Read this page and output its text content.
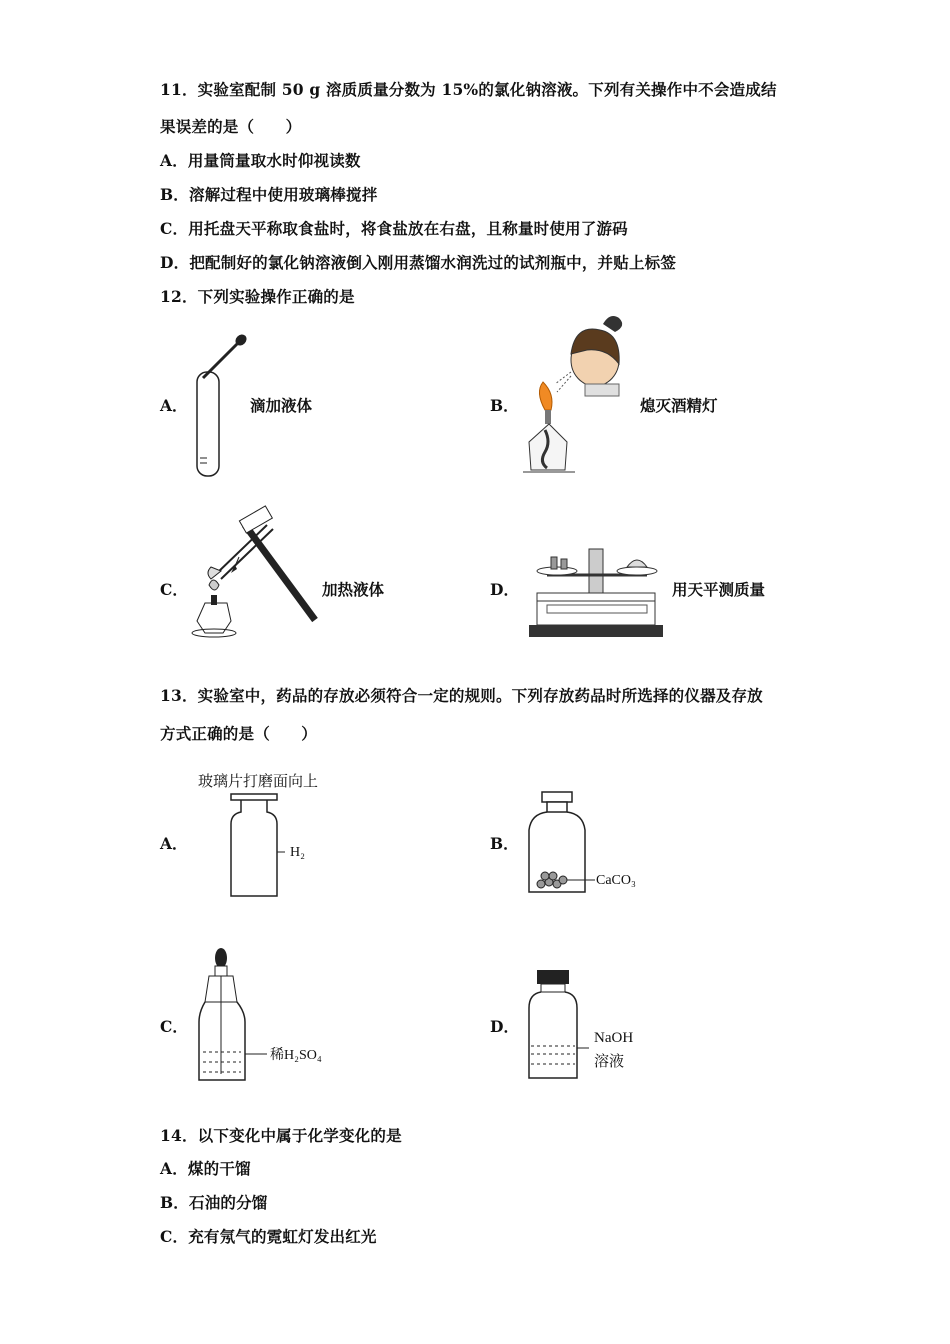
11．实验室配制 50 g 溶质质量分数为 15%的氯化钠溶液。下列有关操作中不会造成结
果误差的是（　　）
A．用量筒量取水时仰视读数
B．溶解过程中使用玻璃棒搅拌
C．用托盘天平称取食盐时，将食盐放在右盘，且称量时使用了游码
D．把配制好的氯化钠溶液倒入刚用蒸馏水润洗过的试剂瓶中，并贴上标签
12．下列实验操作正确的是
A．	滴加液体	B．	熄灭酒精灯
C．	加热液体	D．	用天平测质量
13．实验室中，药品的存放必须符合一定的规则。下列存放药品时所选择的仪器及存放
方式正确的是（　　）
A．
玻璃片打磨面向上
H₂	B．
CaCO₃
C．
稀H₂SO₄
D．
NaOH
溶液
14．以下变化中属于化学变化的是
A．煤的干馏
B．石油的分馏
C．充有氖气的霓虹灯发出红光
